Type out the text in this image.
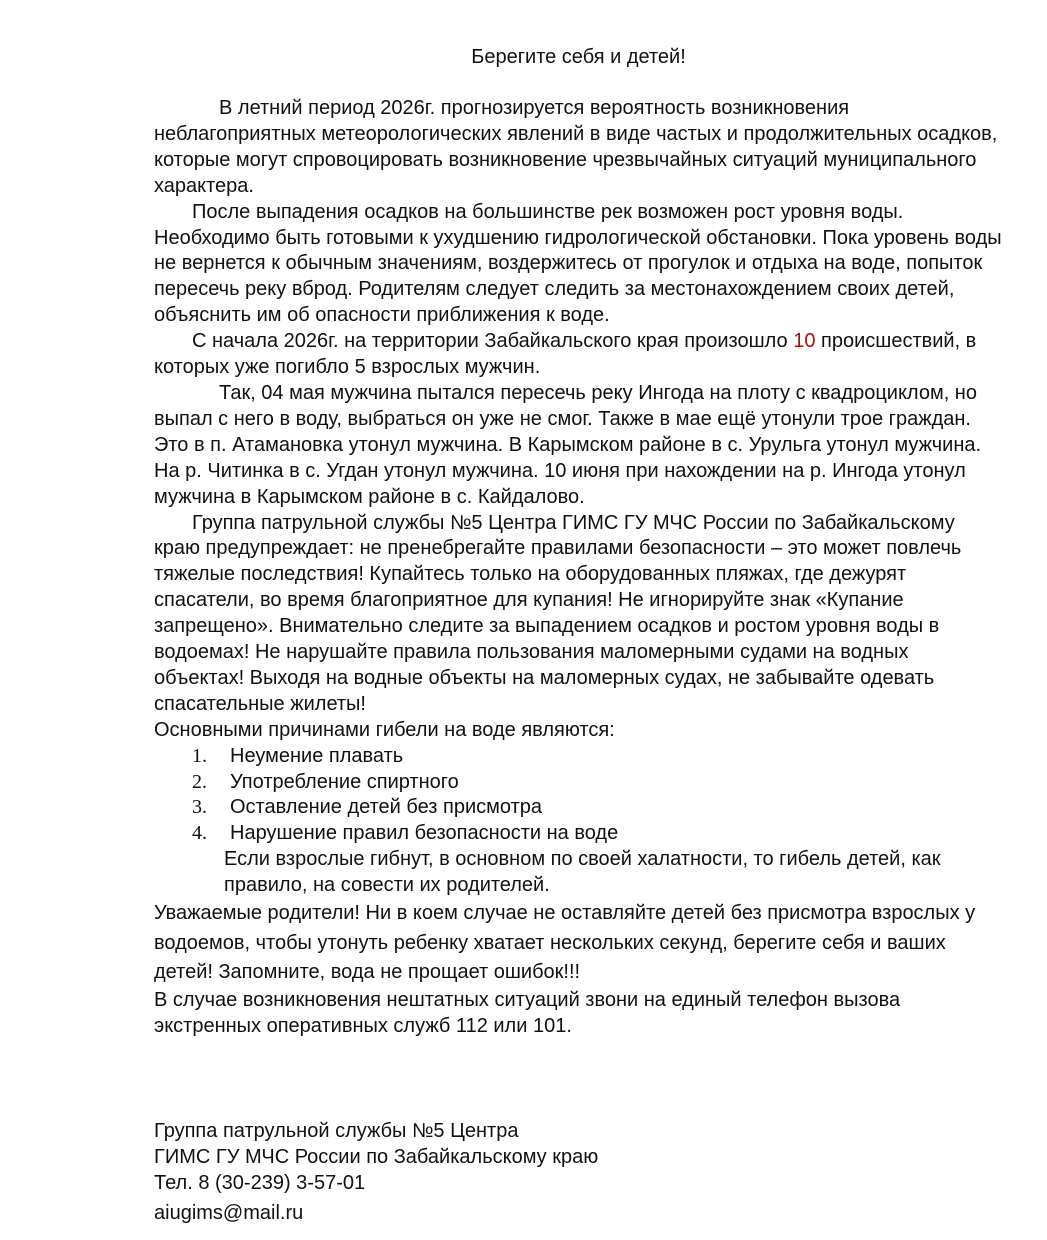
Берегите себя и детей!

В летний период 2026г. прогнозируется вероятность возникновения неблагоприятных метеорологических явлений в виде частых и продолжительных осадков, которые могут спровоцировать возникновение чрезвычайных ситуаций муниципального характера.

После выпадения осадков на большинстве рек возможен рост уровня воды. Необходимо быть готовыми к ухудшению гидрологической обстановки. Пока уровень воды не вернется к обычным значениям, воздержитесь от прогулок и отдыха на воде, попыток пересечь реку вброд. Родителям следует следить за местонахождением своих детей, объяснить им об опасности приближения к воде.

С начала 2026г. на территории Забайкальского края произошло 10 происшествий, в которых уже погибло 5 взрослых мужчин.

Так, 04 мая мужчина пытался пересечь реку Ингода на плоту с квадроциклом, но выпал с него в воду, выбраться он уже не смог. Также в мае ещё утонули трое граждан. Это в п. Атамановка утонул мужчина. В Карымском районе в с. Урульга утонул мужчина. На р. Читинка в с. Угдан утонул мужчина. 10 июня при нахождении на р. Ингода утонул мужчина в Карымском районе в с. Кайдалово.

Группа патрульной службы №5 Центра ГИМС ГУ МЧС России по Забайкальскому краю предупреждает: не пренебрегайте правилами безопасности – это может повлечь тяжелые последствия! Купайтесь только на оборудованных пляжах, где дежурят спасатели, во время благоприятное для купания! Не игнорируйте знак «Купание запрещено». Внимательно следите за выпадением осадков и ростом уровня воды в водоемах! Не нарушайте правила пользования маломерными судами на водных объектах! Выходя на водные объекты на маломерных судах, не забывайте одевать спасательные жилеты!

Основными причинами гибели на воде являются:

1. Неумение плавать
2. Употребление спиртного
3. Оставление детей без присмотра
4. Нарушение правил безопасности на воде

Если взрослые гибнут, в основном по своей халатности, то гибель детей, как правило, на совести их родителей.

Уважаемые родители! Ни в коем случае не оставляйте детей без присмотра взрослых у водоемов, чтобы утонуть ребенку хватает нескольких секунд, берегите себя и ваших детей! Запомните, вода не прощает ошибок!!!

В случае возникновения нештатных ситуаций звони на единый телефон вызова экстренных оперативных служб 112 или 101.

Группа патрульной службы №5 Центра
ГИМС ГУ МЧС России по Забайкальскому краю
Тел. 8 (30-239) 3-57-01
aiugims@mail.ru
